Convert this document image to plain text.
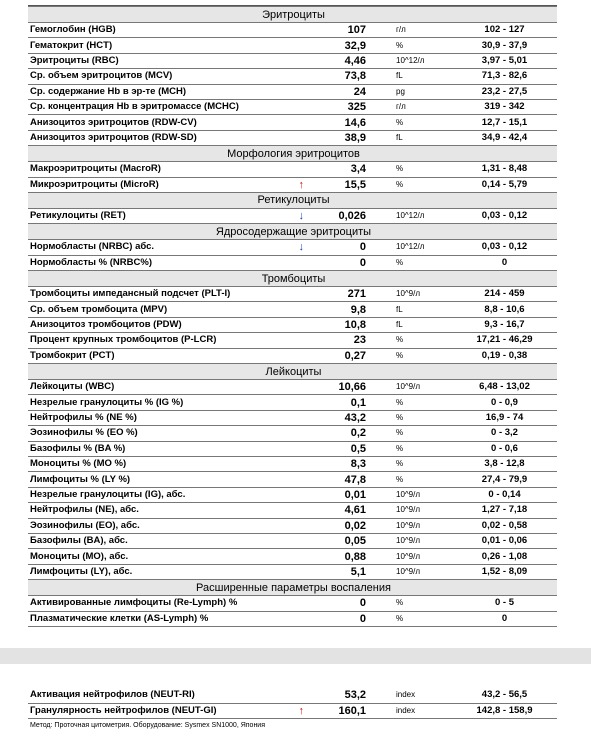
Эритроциты				
Гемоглобин (HGB)		107	г/л	102 - 127
Гематокрит (HCT)		32,9	%	30,9 - 37,9
Эритроциты (RBC)		4,46	10^12/л	3,97 - 5,01
Ср. объем эритроцитов (MCV)		73,8	fL	71,3 - 82,6
Ср. содержание Hb в эр-те (MCH)		24	pg	23,2 - 27,5
Ср. концентрация Hb в эритромассе (MCHC)		325	г/л	319 - 342
Анизоцитоз эритроцитов (RDW-CV)		14,6	%	12,7 - 15,1
Анизоцитоз эритроцитов (RDW-SD)		38,9	fL	34,9 - 42,4
Морфология эритроцитов				
Макроэритроциты (MacroR)		3,4	%	1,31 - 8,48
Микроэритроциты (MicroR)	↑	15,5	%	0,14 - 5,79
Ретикулоциты				
Ретикулоциты (RET)	↓	0,026	10^12/л	0,03 - 0,12
Ядросодержащие эритроциты				
Нормобласты (NRBC) абс.	↓	0	10^12/л	0,03 - 0,12
Нормобласты % (NRBC%)		0	%	0
Тромбоциты				
Тромбоциты импедансный подсчет (PLT-I)		271	10^9/л	214 - 459
Ср. объем тромбоцита (MPV)		9,8	fL	8,8 - 10,6
Анизоцитоз тромбоцитов (PDW)		10,8	fL	9,3 - 16,7
Процент крупных тромбоцитов (P-LCR)		23	%	17,21 - 46,29
Тромбокрит (PCT)		0,27	%	0,19 - 0,38
Лейкоциты				
Лейкоциты (WBC)		10,66	10^9/л	6,48 - 13,02
Незрелые гранулоциты % (IG %)		0,1	%	0 - 0,9
Нейтрофилы % (NE %)		43,2	%	16,9 - 74
Эозинофилы % (EO %)		0,2	%	0 - 3,2
Базофилы % (BA %)		0,5	%	0 - 0,6
Моноциты % (MO %)		8,3	%	3,8 - 12,8
Лимфоциты % (LY %)		47,8	%	27,4 - 79,9
Незрелые гранулоциты (IG), абс.		0,01	10^9/л	0 - 0,14
Нейтрофилы (NE), абс.		4,61	10^9/л	1,27 - 7,18
Эозинофилы (EO), абс.		0,02	10^9/л	0,02 - 0,58
Базофилы (BA), абс.		0,05	10^9/л	0,01 - 0,06
Моноциты (MO), абс.		0,88	10^9/л	0,26 - 1,08
Лимфоциты (LY), абс.		5,1	10^9/л	1,52 - 8,09
Расширенные параметры воспаления				
Активированные лимфоциты (Re-Lymph) %		0	%	0 - 5
Плазматические клетки (AS-Lymph) %		0	%	0
Активация нейтрофилов (NEUT-RI)		53,2	index	43,2 - 56,5
Гранулярность нейтрофилов (NEUT-GI)	↑	160,1	index	142,8 - 158,9
Метод: Проточная цитометрия. Оборудование: Sysmex SN1000, Япония
